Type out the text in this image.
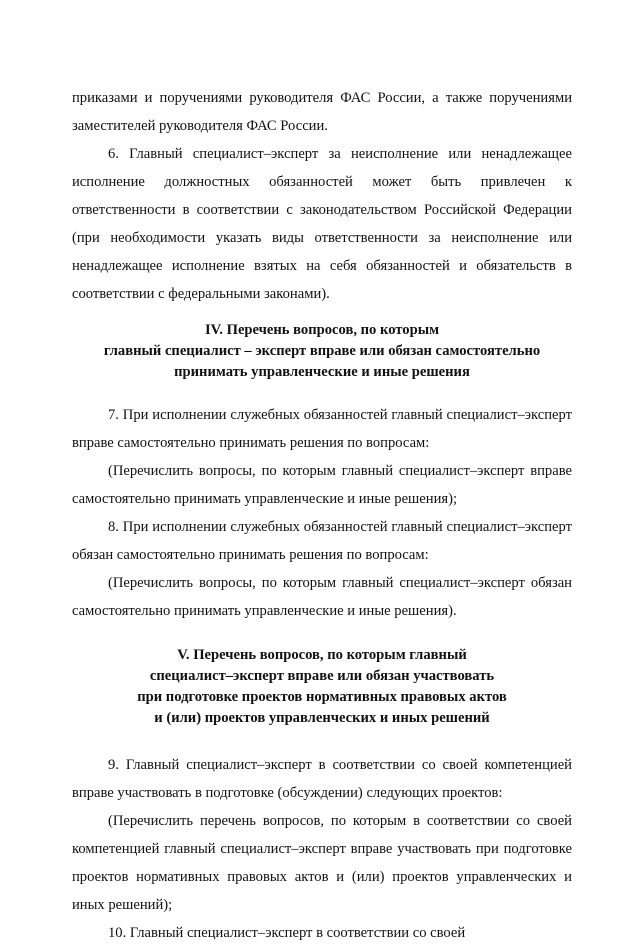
приказами и поручениями руководителя ФАС России, а также поручениями заместителей руководителя ФАС России.

6. Главный специалист–эксперт за неисполнение или ненадлежащее исполнение должностных обязанностей может быть привлечен к ответственности в соответствии с законодательством Российской Федерации (при необходимости указать виды ответственности за неисполнение или ненадлежащее исполнение взятых на себя обязанностей и обязательств в соответствии с федеральными законами).

IV. Перечень вопросов, по которым
главный специалист – эксперт вправе или обязан самостоятельно
принимать управленческие и иные решения

7. При исполнении служебных обязанностей главный специалист–эксперт вправе самостоятельно принимать решения по вопросам:

(Перечислить вопросы, по которым главный специалист–эксперт вправе самостоятельно принимать управленческие и иные решения);

8. При исполнении служебных обязанностей главный специалист–эксперт обязан самостоятельно принимать решения по вопросам:

(Перечислить вопросы, по которым главный специалист–эксперт обязан самостоятельно принимать управленческие и иные решения).

V. Перечень вопросов, по которым главный
специалист–эксперт вправе или обязан участвовать
при подготовке проектов нормативных правовых актов
и (или) проектов управленческих и иных решений

9. Главный специалист–эксперт в соответствии со своей компетенцией вправе участвовать в подготовке (обсуждении) следующих проектов:

(Перечислить перечень вопросов, по которым в соответствии со своей компетенцией главный специалист–эксперт вправе участвовать при подготовке проектов нормативных правовых актов и (или) проектов управленческих и иных решений);

10. Главный специалист–эксперт в соответствии со своей
